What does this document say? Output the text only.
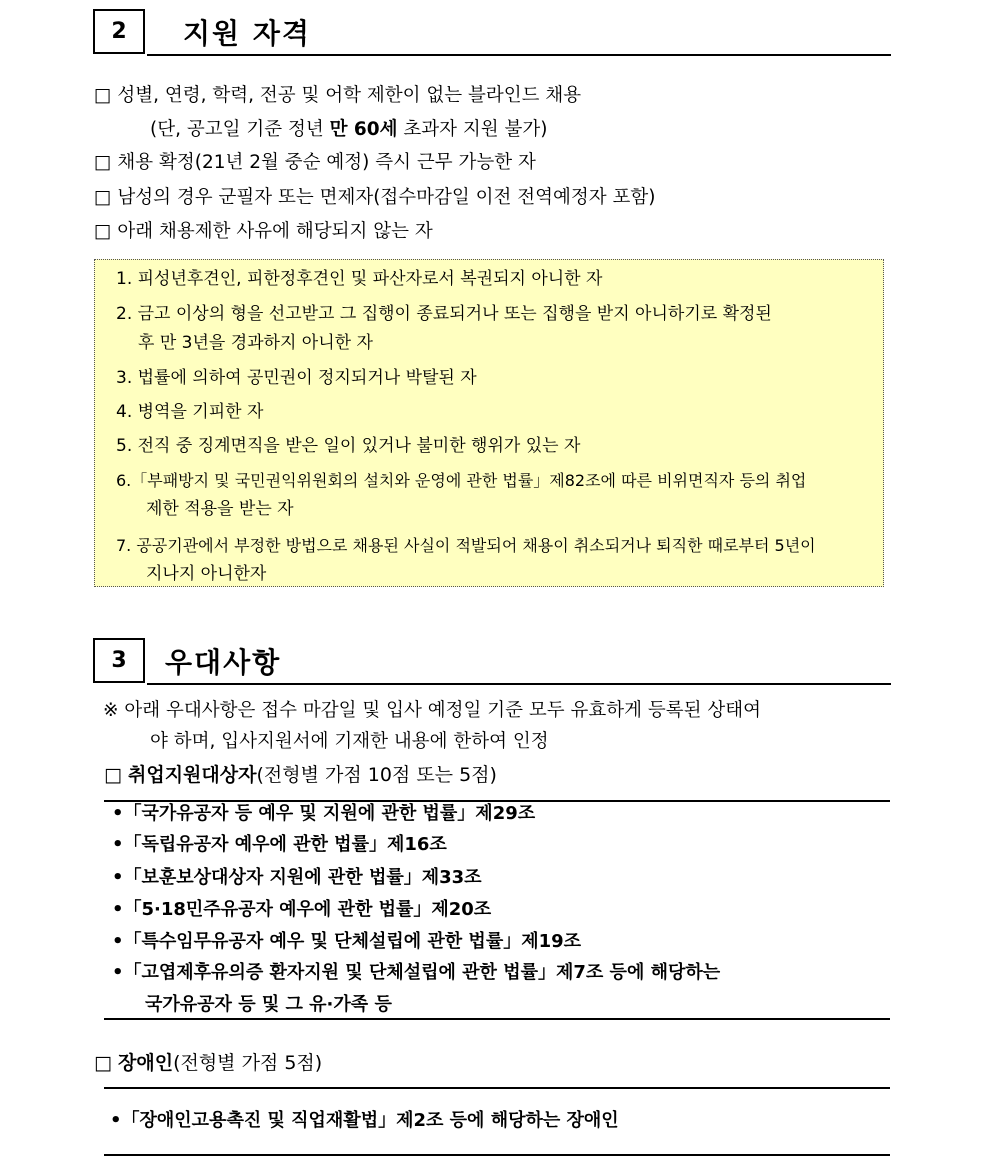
2	지원 자격
□ 성별, 연령, 학력, 전공 및 어학 제한이 없는 블라인드 채용
(단, 공고일 기준 정년 만 60세 초과자 지원 불가)
□ 채용 확정(21년 2월 중순 예정) 즉시 근무 가능한 자
□ 남성의 경우 군필자 또는 면제자(접수마감일 이전 전역예정자 포함)
□ 아래 채용제한 사유에 해당되지 않는 자
1. 피성년후견인, 피한정후견인 및 파산자로서 복권되지 아니한 자
2. 금고 이상의 형을 선고받고 그 집행이 종료되거나 또는 집행을 받지 아니하기로 확정된
후 만 3년을 경과하지 아니한 자
3. 법률에 의하여 공민권이 정지되거나 박탈된 자
4. 병역을 기피한 자
5. 전직 중 징계면직을 받은 일이 있거나 불미한 행위가 있는 자
6.「부패방지 및 국민권익위원회의 설치와 운영에 관한 법률」제82조에 따른 비위면직자 등의 취업
제한 적용을 받는 자
7. 공공기관에서 부정한 방법으로 채용된 사실이 적발되어 채용이 취소되거나 퇴직한 때로부터 5년이
지나지 아니한자
3	우대사항
※ 아래 우대사항은 접수 마감일 및 입사 예정일 기준 모두 유효하게 등록된 상태여
야 하며, 입사지원서에 기재한 내용에 한하여 인정
□ 취업지원대상자(전형별 가점 10점 또는 5점)
•「국가유공자 등 예우 및 지원에 관한 법률」제29조
•「독립유공자 예우에 관한 법률」제16조
•「보훈보상대상자 지원에 관한 법률」제33조
•「5·18민주유공자 예우에 관한 법률」제20조
•「특수임무유공자 예우 및 단체설립에 관한 법률」제19조
•「고엽제후유의증 환자지원 및 단체설립에 관한 법률」제7조 등에 해당하는
국가유공자 등 및 그 유·가족 등
□ 장애인(전형별 가점 5점)
•「장애인고용촉진 및 직업재활법」제2조 등에 해당하는 장애인
